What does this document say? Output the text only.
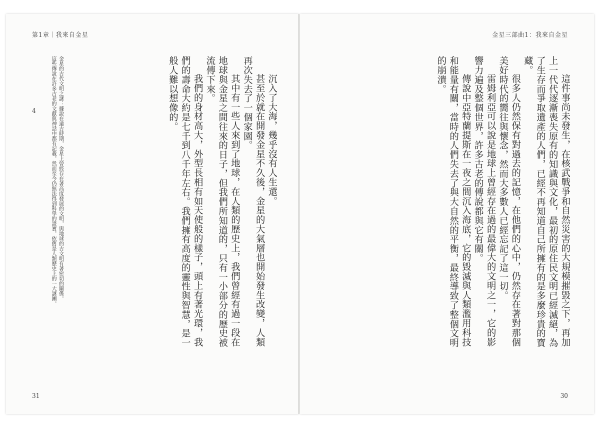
第1章｜我來自金星
4	金星的古代文明之謎：據說在遠古時期，金星上曾經存在著高度發展的文明，與地球的古文明有著密切的關係。

這些傳說在許多古老的文獻與神話中都有記載，然而至今仍無法得到科學的證實，依舊是人類歷史上的一大謎團。	沉入了大海，幾乎沒有人生還。

甚至於就在開發金星不久後，金星的大氣層也開始發生改變，人類再次失去了一個家園。

其中有一些人來到了地球，在人類的歷史上，我們曾經有過一段在地球與金星之間往來的日子，但我們所知道的，只有一小部分的歷史被流傳下來。

我們的身材高大，外型長相有如天使般的樣子，頭上有著光環，我們的壽命大約是七千到八千年左右。我們擁有高度的靈性與智慧，是一般人難以想像的。

31
金星三部曲1：我來自金星

這件事尚未發生，在核武戰爭和自然災害的大規模摧毀之下，再加上一代代逐漸喪失原有的知識與文化，最初的原住民文明已經滅絕，為了生存而爭取遺產的人們，已經不再知道自己所擁有的是多麼珍貴的寶藏。

很多人仍然保有對過去的記憶，在他們的心中，仍然存在著對那個美好時代的嚮往與懷念，然而大多數人已經忘記了這一切。

雷姆利亞可以說是地球上曾經存在過的最偉大的文明之一，它的影響力遍及整個世界，許多古老的傳說都與它有關。

傳說中亞特蘭提斯在一夜之間沉入海底，它的毀滅與人類濫用科技和能量有關，當時的人們失去了與大自然的平衡，最終導致了整個文明的崩潰。

30
